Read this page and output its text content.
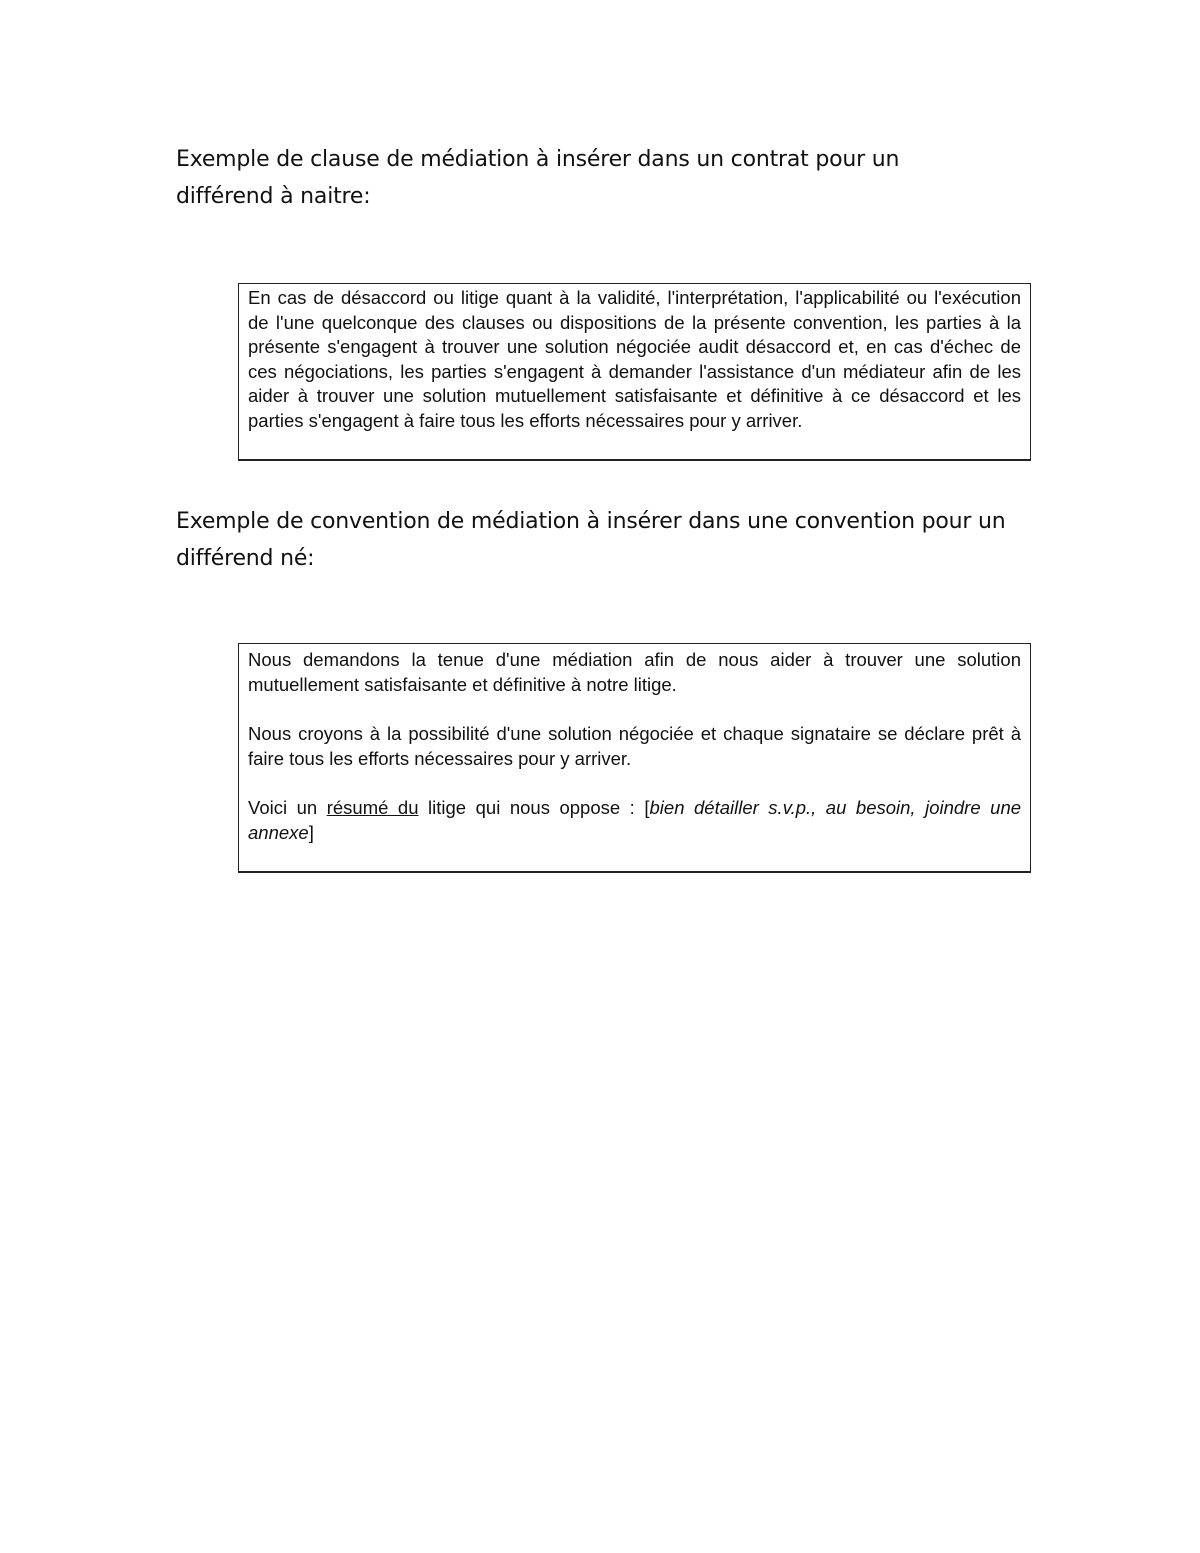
Exemple de clause de médiation à insérer dans un contrat pour un différend à naitre:

En cas de désaccord ou litige quant à la validité, l'interprétation, l'applicabilité ou l'exécution de l'une quelconque des clauses ou dispositions de la présente convention, les parties à la présente s'engagent à trouver une solution négociée audit désaccord et, en cas d'échec de ces négociations, les parties s'engagent à demander l'assistance d'un médiateur afin de les aider à trouver une solution mutuellement satisfaisante et définitive à ce désaccord et les parties s'engagent à faire tous les efforts nécessaires pour y arriver.

Exemple de convention de médiation à insérer dans une convention pour un différend né:

Nous demandons la tenue d'une médiation afin de nous aider à trouver une solution mutuellement satisfaisante et définitive à notre litige.

Nous croyons à la possibilité d'une solution négociée et chaque signataire se déclare prêt à faire tous les efforts nécessaires pour y arriver.

Voici un résumé du litige qui nous oppose : [bien détailler s.v.p., au besoin, joindre une annexe]
